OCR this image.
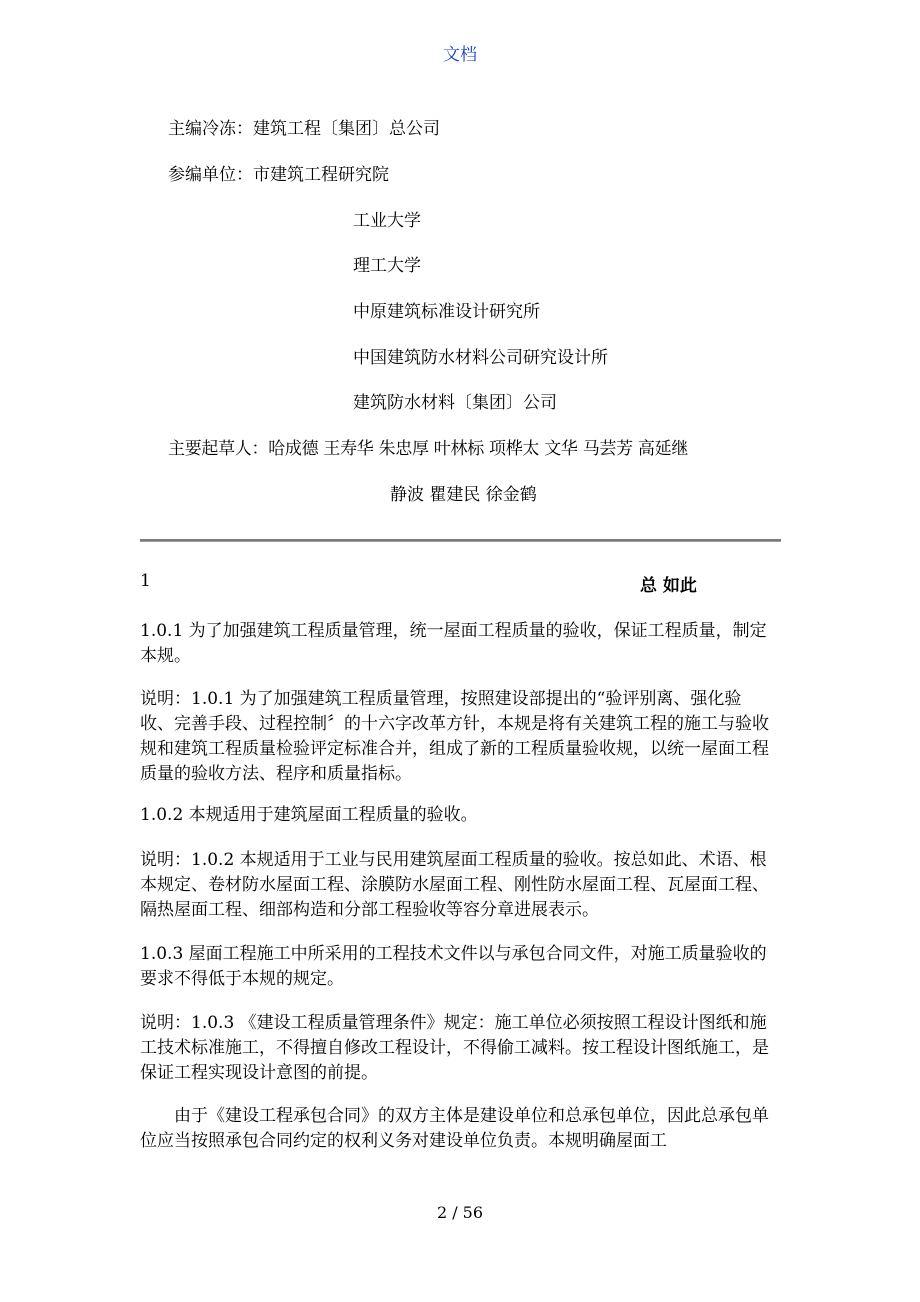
文档
主编冷冻：建筑工程〔集团〕总公司
参编单位：市建筑工程研究院
工业大学
理工大学
中原建筑标准设计研究所
中国建筑防水材料公司研究设计所
建筑防水材料〔集团〕公司
主要起草人：哈成德 王寿华 朱忠厚 叶林标 项桦太 文华 马芸芳 高延继
静波 瞿建民 徐金鹤
1	总 如此
1.0.1 为了加强建筑工程质量管理，统一屋面工程质量的验收，保证工程质量，制定本规。
说明：1.0.1 为了加强建筑工程质量管理，按照建设部提出的“验评别离、强化验收、完善手段、过程控制〞的十六字改革方针，本规是将有关建筑工程的施工与验收规和建筑工程质量检验评定标准合并，组成了新的工程质量验收规，以统一屋面工程质量的验收方法、程序和质量指标。
1.0.2 本规适用于建筑屋面工程质量的验收。
说明：1.0.2 本规适用于工业与民用建筑屋面工程质量的验收。按总如此、术语、根本规定、卷材防水屋面工程、涂膜防水屋面工程、刚性防水屋面工程、瓦屋面工程、隔热屋面工程、细部构造和分部工程验收等容分章进展表示。
1.0.3 屋面工程施工中所采用的工程技术文件以与承包合同文件，对施工质量验收的要求不得低于本规的规定。
说明：1.0.3 《建设工程质量管理条件》规定：施工单位必须按照工程设计图纸和施工技术标准施工，不得擅自修改工程设计，不得偷工减料。按工程设计图纸施工，是保证工程实现设计意图的前提。
由于《建设工程承包合同》的双方主体是建设单位和总承包单位，因此总承包单位应当按照承包合同约定的权利义务对建设单位负责。本规明确屋面工
2 / 56
